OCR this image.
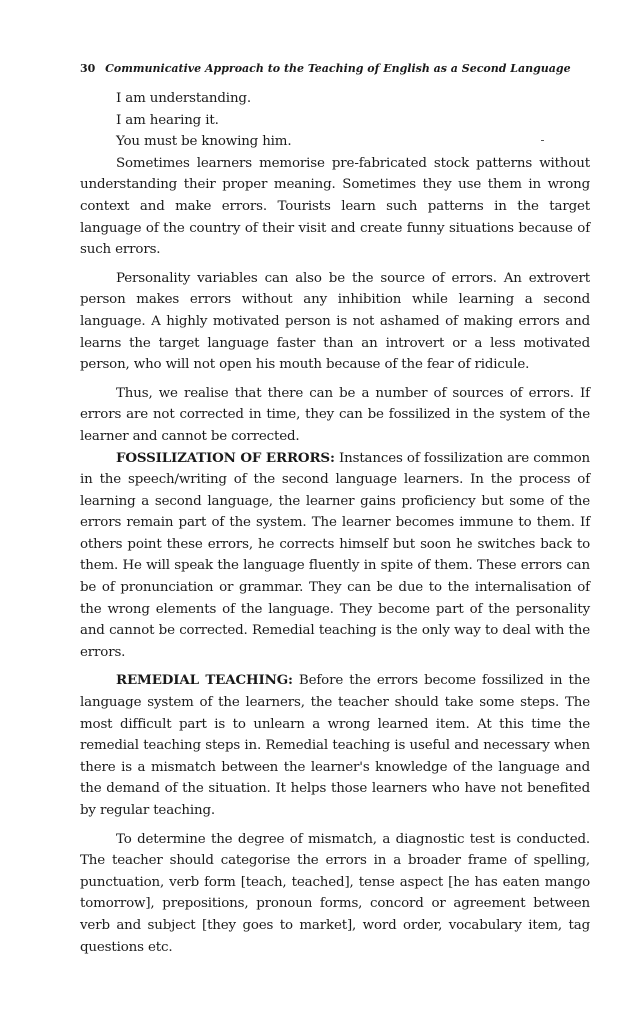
30 Communicative Approach to the Teaching of English as a Second Language

I am understanding.

I am hearing it.

You must be knowing him.

Sometimes learners memorise pre-fabricated stock patterns without understanding their proper meaning. Sometimes they use them in wrong context and make errors. Tourists learn such patterns in the target language of the country of their visit and create funny situations because of such errors.

Personality variables can also be the source of errors. An extrovert person makes errors without any inhibition while learning a second language. A highly motivated person is not ashamed of making errors and learns the target language faster than an introvert or a less motivated person, who will not open his mouth because of the fear of ridicule.

Thus, we realise that there can be a number of sources of errors. If errors are not corrected in time, they can be fossilized in the system of the learner and cannot be corrected.

FOSSILIZATION OF ERRORS: Instances of fossilization are common in the speech/writing of the second language learners. In the process of learning a second language, the learner gains proficiency but some of the errors remain part of the system. The learner becomes immune to them. If others point these errors, he corrects himself but soon he switches back to them. He will speak the language fluently in spite of them. These errors can be of pronunciation or grammar. They can be due to the internalisation of the wrong elements of the language. They become part of the personality and cannot be corrected. Remedial teaching is the only way to deal with the errors.

REMEDIAL TEACHING: Before the errors become fossilized in the language system of the learners, the teacher should take some steps. The most difficult part is to unlearn a wrong learned item. At this time the remedial teaching steps in. Remedial teaching is useful and necessary when there is a mismatch between the learner's knowledge of the language and the demand of the situation. It helps those learners who have not benefited by regular teaching.

To determine the degree of mismatch, a diagnostic test is conducted. The teacher should categorise the errors in a broader frame of spelling, punctuation, verb form [teach, teached], tense aspect [he has eaten mango tomorrow], prepositions, pronoun forms, concord or agreement between verb and subject [they goes to market], word order, vocabulary item, tag questions etc.
